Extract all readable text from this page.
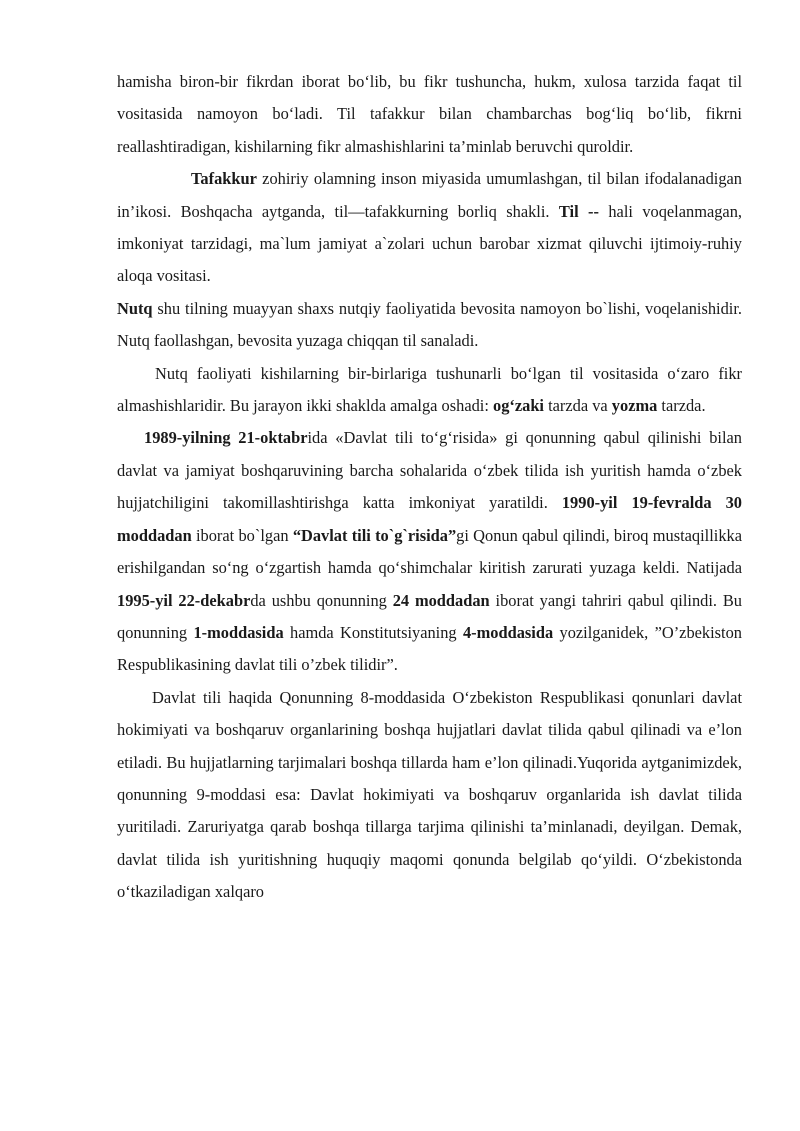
hamisha biron-bir fikrdan iborat bo‘lib, bu fikr tushuncha, hukm, xulosa tarzida faqat til vositasida namoyon bo‘ladi. Til tafakkur bilan chambarchas bog‘liq bo‘lib, fikrni reallashtiradigan, kishilarning fikr almashishlarini ta’minlab beruvchi quroldir.

Tafakkur zohiriy olamning inson miyasida umumlashgan, til bilan ifodalanadigan in’ikosi. Boshqacha aytganda, til—tafakkurning borliq shakli. Til -- hali voqelanmagan, imkoniyat tarzidagi, ma`lum jamiyat a`zolari uchun barobar xizmat qiluvchi ijtimoiy-ruhiy aloqa vositasi.

Nutq shu tilning muayyan shaxs nutqiy faoliyatida bevosita namoyon bo`lishi, voqelanishidir. Nutq faollashgan, bevosita yuzaga chiqqan til sanaladi.

Nutq faoliyati kishilarning bir-birlariga tushunarli bo‘lgan til vositasida o‘zaro fikr almashishlaridir. Bu jarayon ikki shaklda amalga oshadi: og‘zaki tarzda va yozma tarzda.

1989-yilning 21-oktabrida «Davlat tili to‘g‘risida» gi qonunning qabul qilinishi bilan davlat va jamiyat boshqaruvining barcha sohalarida o‘zbek tilida ish yuritish hamda o‘zbek hujjatchiligini takomillashtirishga katta imkoniyat yaratildi. 1990-yil 19-fevralda 30 moddadan iborat bo`lgan “Davlat tili to`g`risida”gi Qonun qabul qilindi, biroq mustaqillikka erishilgandan so‘ng o‘zgartish hamda qo‘shimchalar kiritish zarurati yuzaga keldi. Natijada 1995-yil 22-dekabrda ushbu qonunning 24 moddadan iborat yangi tahriri qabul qilindi. Bu qonunning 1-moddasida hamda Konstitutsiyaning 4-moddasida yozilganidek, ”O’zbekiston Respublikasining davlat tili o’zbek tilidir”.

Davlat tili haqida Qonunning 8-moddasida O‘zbekiston Respublikasi qonunlari davlat hokimiyati va boshqaruv organlarining boshqa hujjatlari davlat tilida qabul qilinadi va e’lon etiladi. Bu hujjatlarning tarjimalari boshqa tillarda ham e’lon qilinadi.Yuqorida aytganimizdek, qonunning 9-moddasi esa: Davlat hokimiyati va boshqaruv organlarida ish davlat tilida yuritiladi. Zaruriyatga qarab boshqa tillarga tarjima qilinishi ta’minlanadi, deyilgan. Demak, davlat tilida ish yuritishning huquqiy maqomi qonunda belgilab qo‘yildi. O‘zbekistonda o‘tkaziladigan xalqaro
